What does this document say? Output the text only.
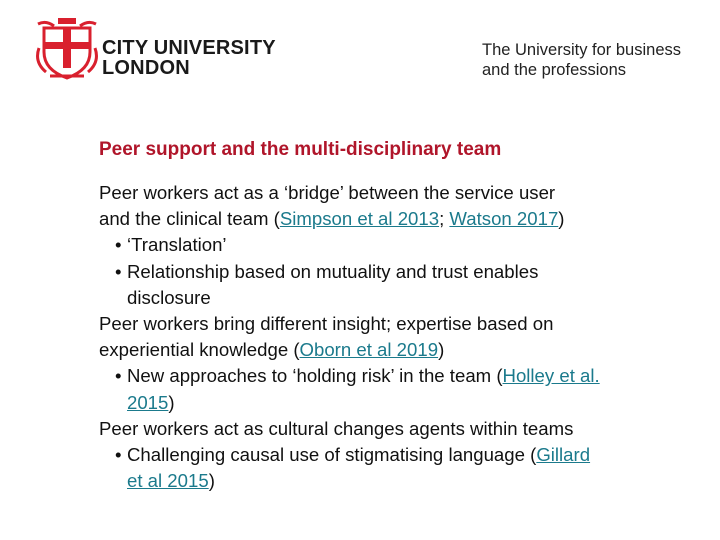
CITY UNIVERSITY
LONDON
The University for business
and the professions
Peer support and the multi-disciplinary team
Peer workers act as a ‘bridge’ between the service user
and the clinical team (Simpson et al 2013; Watson 2017)
• ‘Translation’
• Relationship based on mutuality and trust enables
disclosure
Peer workers bring different insight; expertise based on
experiential knowledge (Oborn et al 2019)
• New approaches to ‘holding risk’ in the team (Holley et al.
2015)
Peer workers act as cultural changes agents within teams
• Challenging causal use of stigmatising language (Gillard
et al 2015)
